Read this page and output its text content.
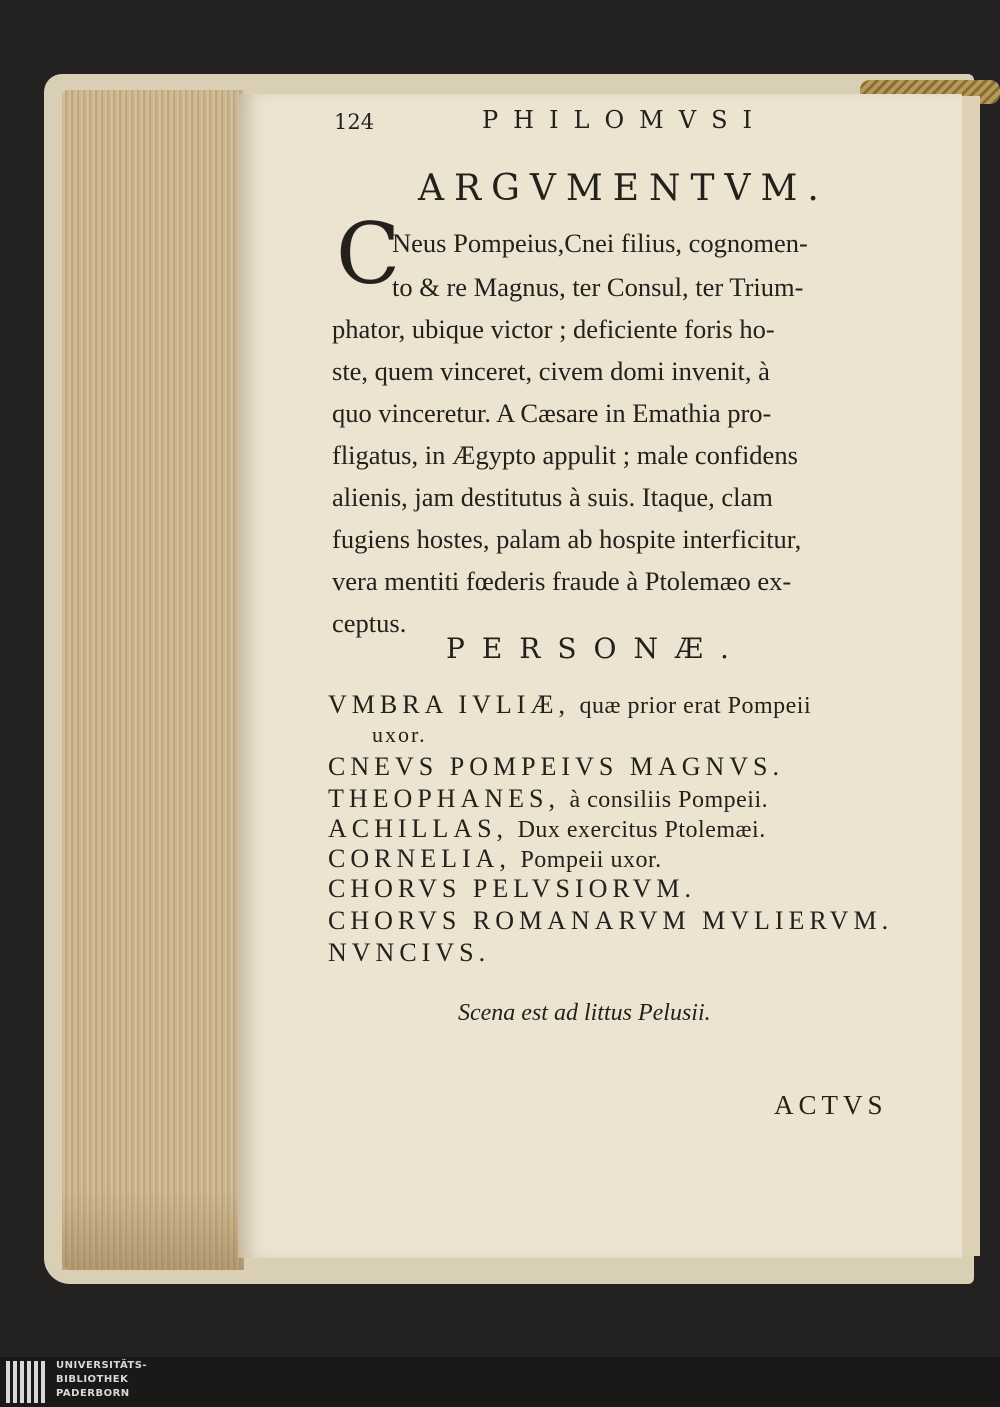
124	PHILOMVSI
ARGVMENTVM.
C
Neus Pompeius,Cnei filius, cognomen-
to & re Magnus, ter Consul, ter Trium-
phator, ubique victor ; deficiente foris ho-
ste, quem vinceret, civem domi invenit, à
quo vinceretur. A Cæsare in Emathia pro-
fligatus, in Ægypto appulit ; male confidens
alienis, jam destitutus à suis. Itaque, clam
fugiens hostes, palam ab hospite interficitur,
vera mentiti fœderis fraude à Ptolemæo ex-
ceptus.
PERSONÆ.
VMBRA IVLIÆ, quæ prior erat Pompeii
uxor.
CNEVS POMPEIVS MAGNVS.
THEOPHANES, à consiliis Pompeii.
ACHILLAS, Dux exercitus Ptolemæi.
CORNELIA, Pompeii uxor.
CHORVS PELVSIORVM.
CHORVS ROMANARVM MVLIERVM.
NVNCIVS.
Scena est ad littus Pelusii.
ACTVS
UNIVERSITÄTS-
BIBLIOTHEK
PADERBORN
